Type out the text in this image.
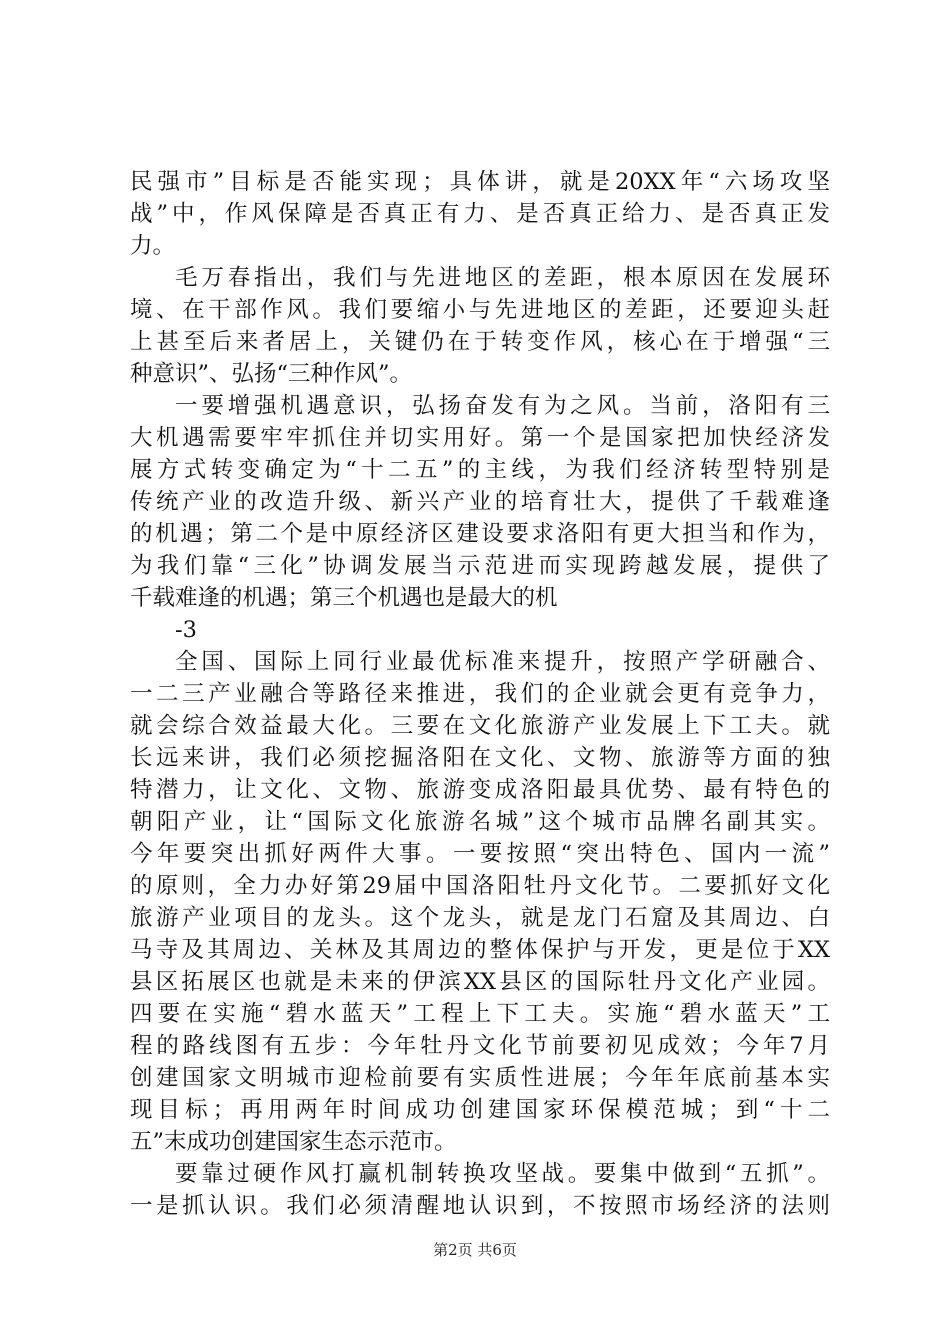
民强市”目标是否能实现；具体讲，就是20XX年“六场攻坚
战”中，作风保障是否真正有力、是否真正给力、是否真正发
力。
毛万春指出，我们与先进地区的差距，根本原因在发展环
境、在干部作风。我们要缩小与先进地区的差距，还要迎头赶
上甚至后来者居上，关键仍在于转变作风，核心在于增强“三
种意识”、弘扬“三种作风”。
一要增强机遇意识，弘扬奋发有为之风。当前，洛阳有三
大机遇需要牢牢抓住并切实用好。第一个是国家把加快经济发
展方式转变确定为“十二五”的主线，为我们经济转型特别是
传统产业的改造升级、新兴产业的培育壮大，提供了千载难逢
的机遇；第二个是中原经济区建设要求洛阳有更大担当和作为，
为我们靠“三化”协调发展当示范进而实现跨越发展，提供了
千载难逢的机遇；第三个机遇也是最大的机
-3
全国、国际上同行业最优标准来提升，按照产学研融合、
一二三产业融合等路径来推进，我们的企业就会更有竞争力，
就会综合效益最大化。三要在文化旅游产业发展上下工夫。就
长远来讲，我们必须挖掘洛阳在文化、文物、旅游等方面的独
特潜力，让文化、文物、旅游变成洛阳最具优势、最有特色的
朝阳产业，让“国际文化旅游名城”这个城市品牌名副其实。
今年要突出抓好两件大事。一要按照“突出特色、国内一流”
的原则，全力办好第29届中国洛阳牡丹文化节。二要抓好文化
旅游产业项目的龙头。这个龙头，就是龙门石窟及其周边、白
马寺及其周边、关林及其周边的整体保护与开发，更是位于XX
县区拓展区也就是未来的伊滨XX县区的国际牡丹文化产业园。
四要在实施“碧水蓝天”工程上下工夫。实施“碧水蓝天”工
程的路线图有五步：今年牡丹文化节前要初见成效；今年7月
创建国家文明城市迎检前要有实质性进展；今年年底前基本实
现目标；再用两年时间成功创建国家环保模范城；到“十二
五”末成功创建国家生态示范市。
要靠过硬作风打赢机制转换攻坚战。要集中做到“五抓”。
一是抓认识。我们必须清醒地认识到，不按照市场经济的法则
第2页 共6页
